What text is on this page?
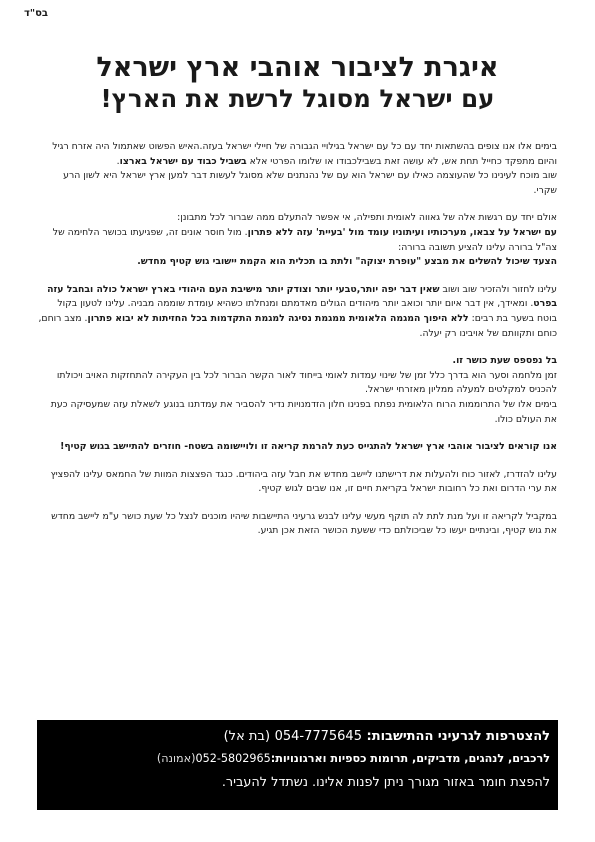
בס"ד
איגרת לציבור אוהבי ארץ ישראל
עם ישראל מסוגל לרשת את הארץ!

בימים אלו אנו צופים בהשתאות יחד עם כל עם ישראל בגילויי הגבורה של חיילי ישראל בעזה.האיש הפשוט שאתמול היה אזרח רגיל והיום מתפקד כחייל תחת אש, לא עושה זאת בשבילכבודו או שלומו הפרטי אלא בשביל כבוד עם ישראל בארצו.

שוב מוכח לעינינו כל שהעוצמה כאילו עם ישראל הוא עם של נהנתנים שלא מסוגל לעשות דבר למען ארץ ישראל היא לשון הרע שקרי.

אולם יחד עם רגשות אלה של גאווה לאומית ותפילה, אי אפשר להתעלם ממה שברור לכל מתבונן:
עם ישראל על צבאו, מערכותיו ועיתוניו עומד מול 'בעיית' עזה ללא פתרון. מול חוסר אונים זה, שפגיעתו בכושר הלחימה של צה"ל ברורה עלינו להציע תשובה ברורה:

הצעד שיכול להשלים את מבצע "עופרת יצוקה" ולתת בו תכלית הוא הקמת יישובי גוש קטיף מחדש.

עלינו לחזור ולהזכיר שוב ושוב שאין דבר יפה יותר,טבעי יותר וצודק יותר מישיבת העם היהודי בארץ ישראל כולה ובחבל עזה בפרט. ומאידך, אין דבר איום יותר וכואב יותר מיהודים הגולים מאדמתם ומנחלתו כשהיא עומדת שוממה מבניה. עלינו לטעון בקול בוטח בשער בת רבים: ללא היפוך המגמה הלאומית ממגמת נסיגה למגמת התקדמות בכל החזיתות לא יבוא פתרון. מצב רוחם, כוחם ותקוותם של אויבינו רק יעלה.

בל נפספס שעת כושר זו.

זמן מלחמה וסער הוא בדרך כלל זמן של שינוי עמדות לאומי בייחוד לאור הקשר הברור לכל בין העקירה להתחזקות האויב ויכולתו להכניס למקלטים למעלה ממליון מאזרחי ישראל.

בימים אלו של התרוממות הרוח הלאומית נפתח בפנינו חלון הזדמנויות נדיר להסביר את עמדתנו בנוגע לשאלת עזה שמעסיקה כעת את העולם כולו.

אנו קוראים לציבור אוהבי ארץ ישראל להתגייס כעת להרמת קריאה זו ולויישומה בשטח- חוזרים להתיישב בגוש קטיף!

עלינו להזדרז, לאזור כוח ולהעלות את דרישתנו ליישב מחדש את חבל עזה ביהודים. כנגד הפצצות המוות של החמאס עלינו להפציץ את ערי הדרום ואת כל רחובות ישראל בקריאת חיים זו, אנו שבים לגוש קטיף.

במקביל לקריאה זו ועל מנת לתת לה תוקף מעשי עלינו לבנש גרעיני התיישבות שיהיו מוכנים לנצל כל שעת כושר ע"מ ליישב מחדש את גוש קטיף, ובינתיים יעשו כל שביכולתם כדי ששעת הכושר הזאת אכן תגיע.

להצטרפות לגרעיני ההתישבות: 054-7775645 (בת אל)

לרכבים, לנהגים, מדביקים, תרומות כספיות וארגונויות:052-5802965(אמונה)

להפצת חומר באזור מגורך ניתן לפנות אלינו. נשתדל להעביר.
